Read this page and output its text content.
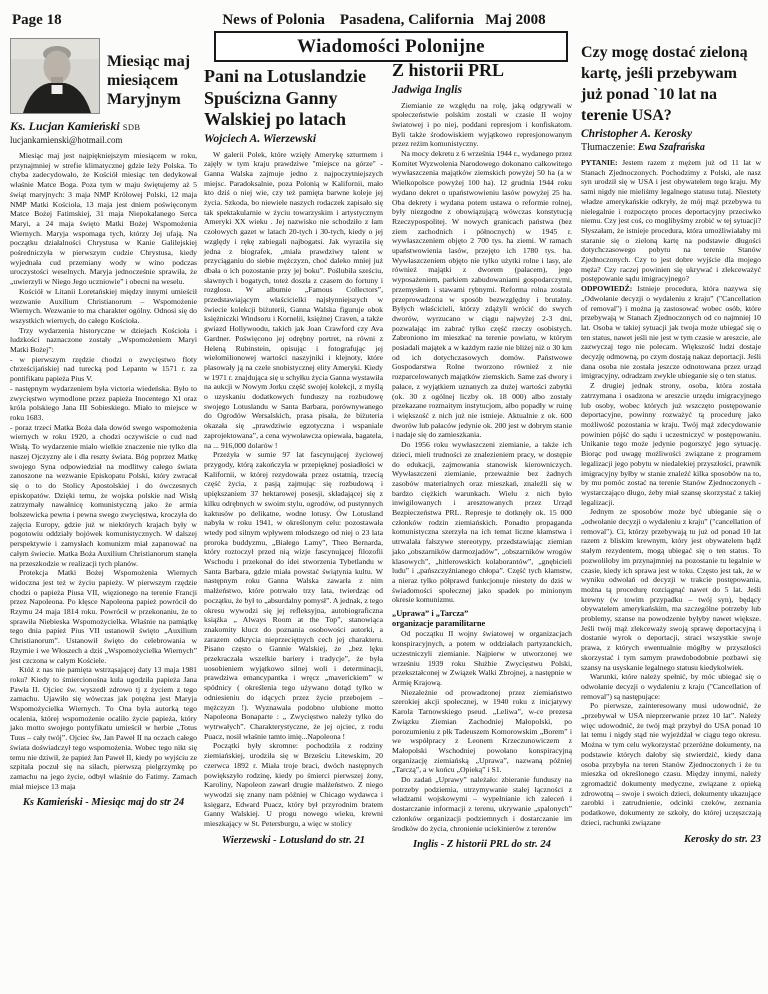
Page 18	News of Polonia    Pasadena, California   Maj 2008
Wiadomości Polonijne
Miesiąc maj miesiącem Maryjnym
Ks. Lucjan Kamieński SDB
lucjankamienski@hotmail.com

Miesiąc maj jest najpiękniejszym miesiącem w roku, przynajmniej w strefie klimatycznej gdzie leży Polska. To chyba zadecydowało, że Kościół miesiąc ten dedykował właśnie Matce Boga. Poza tym w maju świętujemy aż 5 świąt maryjnych: 3 maja NMP Królowej Polski, 12 maja NMP Matki Kościoła, 13 maja jest dniem poświęconym Matce Bożej Fatimskiej, 31 maja Niepokalanego Serca Maryi, a 24 maja święto Matki Bożej Wspomożenia Wiernych. Maryja wspomaga tych, którzy Jej ufają. Na początku działalności Chrystusa w Kanie Galilejskiej pośredniczyła w pierwszym cudzie Chrystusa, kiedy wyjednała cud przemiany wody w wino podczas uroczystości weselnych. Maryja jednocześnie sprawiła, że „uwierzyli w Niego Jego uczniowie” i obecni na weselu.

Kościół w Litanii Loretańskiej między innymi umieścił wezwanie Auxilium Christianorum – Wspomożenie Wiernych. Wezwanie to ma charakter ogólny. Odnosi się do wszystkich wiernych, do całego Kościoła.

Trzy wydarzenia historyczne w dziejach Kościoła i ludzkości naznaczone zostały „Wspomożeniem Maryi Matki Bożej”:

- w pierwszym rzędzie chodzi o zwycięstwo floty chrześcijańskiej nad turecką pod Lepanto w 1571 r. za pontifikatu papieża Pius V.

- następnym wydarzeniem była victoria wiedeńska. Było to zwycięstwo wymodlone przez papieża Inocentego XI oraz króla polskiego Jana III Sobieskiego. Miało to miejsce w roku 1683.

- poraz trzeci Matka Boża dała dowód swego wspomożenia wiernych w roku 1920, a chodzi oczywiście o cud nad Wisłą. To wydarzenie miało wielkie znaczenie nie tylko dla naszej Ojczyzny ale i dla reszty świata. Bóg poprzez Matkę swojego Syna odpowiedział na modlitwy całego świata zanoszone na wezwanie Episkopatu Polski, który zwracał się o to do Stolicy Apostolskiej i do ówczesnych episkopatów. Dzięki temu, że wojska polskie nad Wisłą zatrzymały nawałnicę komunistyczną jako że armia bolszewicka pewna i pewna swego zwycięstwa, kroczyła do zajęcia Europy, gdzie już w niektórych krajach były w pogotowiu oddziały bojówek komunistycznych. W dalszej perspektywie i zamysłach komunizm miał zapanować na całym świecie. Matka Boża Auxilium Christianorum stanęła na przeszkodzie w realizacji tych planów.

Protekcja Matki Bożej Wspomożenia Wiernych widoczna jest też w życiu papieży. W pierwszym rzędzie chodzi o papieża Piusa VII, więzionego na terenie Francji przez Napoleona. Po klęsce Napoleona papież powrócił do Rzymu 24 maja 1814 roku. Powrócił w przekonaniu, że to sprawiła Niebieska Wspomożycielka. Właśnie na pamiątkę tego dnia papież Pius VII ustanowił święto „Auxilium Christianorum”. Ustanowił święto do celebrowania w Rzymie i we Włoszech a dziś „Wspomożycielka Wiernych” jest czczona w całym Kościele.

Któż z nas nie pamięta wstrząsającej daty 13 maja 1981 roku? Kiedy to śmiercionośna kula ugodziła papieża Jana Pawła II. Ojciec św. wyszedł zdrowo tj z życiem z tego zamachu. Ujawiło się wówczas jak potężna jest Maryja Wspomożycielka Wiernych. To Ona była autorką tego ocalenia, której wspomożenie ocaliło życie papieża, który jako motto swojego pontyfikatu umieścił w herbie „Totus Tuus – cały twój”. Ojciec św, Jan Paweł II na oczach całego świata doświadczył tego wspomożenia. Wobec tego nikt się temu nie dziwił, że papież Jan Paweł II, kiedy po wyjściu ze szpitala poczuł się na siłach, pierwszą pielgrzymkę po zamachu na jego życie, odbył właśnie do Fatimy. Zamach miał miejsce 13 maja

Ks Kamieński - Miesiąc maj do str 24
Pani na Lotuslandzie Spuścizna Ganny Walskiej po latach
Wojciech A. Wierzewski

W galerii Polek, które wzięły Amerykę szturmem i zajęły w tym kraju prawdziwe "miejsce na górze" - Ganna Walska zajmuje jedno z najpoczytniejszych miejsc. Paradoksalnie, poza Polonią w Kalifornii, mało kto dziś o niej wie, czy też pamięta barwne koleje jej życia. Szkoda, bo niewiele naszych rodaczek zapisało się tak spektakularnie w życiu towarzyskim i artystycznym Ameryki XX wieku . Jej nazwisko nie schodziło z łam czołowych gazet w latach 20-tych i 30-tych, kiedy o jej względy i rękę zabiegali najbogatsi. Jak wyraziła się jedna z biografek, „miała prawdziwy talent w przyciąganiu do siebie mężczyzn, choć daleko mniej już dbała o ich pozostanie przy jej boku”. Poślubiła sześciu, sławnych i bogatych, toteż doszła z czasem do fortuny i rozgłosu. W albumie „Famous Collectors”, przedstawiającym właścicielki najsłynniejszych w świecie kolekcji biżuterii, Ganna Walska figuruje obok księżniczki Windsoru i Kornelii, księżnej Craven, a także gwiazd Hollywoodu, takich jak Joan Crawford czy Ava Gardner. Poświęcono jej odrębny portret, na równi z Heleną Rubinstein, opisując i fotografując jej wielomilionowej wartości naszyjniki i klejnoty, które plasowały ją na czele snobistycznej elity Ameryki. Kiedy w 1971 r. znajdująca się u schyłku życia Ganna wystawiła na aukcji w Nowym Jorku część swojej kolekcji, z myślą o uzyskaniu dodatkowych funduszy na rozbudowę swojego Lotuslandu w Santa Barbara, porównywanego do Ogrodów Wersalskich, prasa pisała, że biżuteria okazała się „prawdziwie egzotyczna i wspaniale zaprojektowana”, a cena wywoławcza opiewała, bagatela, na ... 916,000 dolarów !

Przeżyła w sumie 97 lat fascynującej życiowej przygody, którą zakończyła w przepięknej posiadłości w Kalifornii, w której rezydowała przez ostatnią, trzecią część życia, z pasją zajmując się rozbudową i upiększaniem 37 hektarowej posesji, składającej się z kilku odrębnych w swoim stylu, ogrodów, od pustynnych kaktusów po delikatne, wodne lotusy. Ów Lotusland nabyła w roku 1941, w określonym celu: pozostawała wtedy pod silnym wpływem młodszego od niej o 23 lata proroka buddyzmu, „Białego Lamy”, Theo Bernarda, który roztoczył przed nią wizje fascynującej filozofii Wschodu i przekonał do idei stworzenia Tybetlandu w Santa Barbara, gdzie miała powstać świątynia kultu. W następnym roku Ganna Walska zawarła z nim małżeństwo, które potrwało trzy lata, twierdząc od początku, że był to „absurdalny pomysł”. A jednak, z tego okresu wywodzi się jej refleksyjna, autobiograficzna książka „ Always Room at the Top”, stanowiąca znakomity klucz do poznania osobowości autorki, a zarazem odkrycia nieprzeciętnych cech jej charakteru. Pisano często o Gannie Walskiej, że „bez lęku przekraczała wszelkie bariery i tradycje”, że była uosobieniem wyjątkowo silnej woli i determinacji, prawdziwa emancypantka i wręcz „maverickiem” w spódnicy ( określenia tego używano dotąd tylko w odniesieniu do idących przez życie przebojem – mężczyzn !). Wyznawała podobno ulubione motto Napoleona Bonaparte : „ Zwycięstwo należy tylko do wytrwałych”. Charakterystyczne, że jej ojciec, z rodu Puacz, nosił właśnie tamto imię...Napoleona !

Początki były skromne: pochodziła z rodziny ziemiańskiej, urodziła się w Brześciu Litewskim, 20 czerwca 1892 r. Miała troje braci, dwóch następnych powiększyło rodzinę, kiedy po śmierci pierwszej żony, Karoliny, Napoleon zawarł drugie małżeństwo. Z niego wywodzi się znany nam później w Chicago wydawca i księgarz, Edward Puacz, który był przyrodnim bratem Ganny Walskiej. U progu nowego wieku, krewni mieszkający w St. Petersburgu, a więc w stolicy

Wierzewski - Lotusland do str. 21
Z historii PRL
Jadwiga Inglis

Ziemianie ze względu na rolę, jaką odgrywali w społeczeństwie polskim zostali w czasie II wojny światowej i po niej, poddani represjom i konfiskatom. Byli także środowiskiem wyjątkowo represjonowanym przez reżim komunistyczny.

Na mocy dekretu z 6 września 1944 r., wydanego przez Komitet Wyzwolenia Narodowego dokonano całkowitego wywłaszczenia majątków ziemskich powyżej 50 ha (a w Wielkopolsce powyżej 100 ha). 12 grudnia 1944 roku wydano dekret o upaństwowieniu lasów powyżej 25 ha. Oba dekrety i wydana potem ustawa o reformie rolnej, były niezgodne z obowiązującą wówczas konstytucją Rzeczypospolitej. W nowych granicach państwa (bez ziem zachodnich i północnych) w 1945 r. wywłaszczeniem objęto 2 700 tys. ha ziemi. W ramach upaństwowienia lasów, przejęto ich 1780 tys. ha. Wywłaszczeniem objęto nie tylko użytki rolne i lasy, ale również majątki z dworem (pałacem), jego wyposażeniem, parkiem zabudowaniami gospodarczymi, przemysłem i stawami rybnymi. Reforma rolna została przeprowadzona w sposób bezwzględny i brutalny. Byłych właścicieli, którzy zdążyli wrócić do swych dworów, wyrzucano w ciągu najwyżej 2-3 dni, pozwalając im zabrać tylko część rzeczy osobistych. Zabroniono im mieszkać na terenie powiatu, w którym posiadali majątek a w każdym razie nie bliżej niż o 30 km od ich dotychczasowych domów. Państwowe Gospodarstwa Rolne tworzono również z nie rozparcelowanych majątków ziemskich. Same zaś dwory i pałace, z wyjątkiem uznanych za dużej wartości zabytki (ok. 30 z ogólnej liczby ok. 18 000) albo zostały przekazane rozmaitym instytucjom, albo popadły w ruinę i większość z nich już nie istnieje. Aktualnie z ok. 600 dworów lub pałaców jedynie ok. 200 jest w dobrym stanie i nadaje się do zamieszkania.

Do 1956 roku wywłaszczeni ziemianie, a także ich dzieci, mieli trudności ze znalezieniem pracy, w dostępie do edukacji, zajmowania stanowisk kierowniczych. Wywłaszczeni ziemianie, przeważnie bez żadnych zasobów materialnych oraz mieszkań, znaleźli się w bardzo ciężkich warunkach. Wielu z nich było inwigilowanych i aresztowanych przez Urząd Bezpieczeństwa PRL. Represje te dotknęły ok. 15 000 członków rodzin ziemiańskich. Ponadto propaganda komunistyczna szerzyła na ich temat liczne kłamstwa i utrwalała fałszywe stereotypy, przedstawiając ziemian jako „obszarników darmozjadów”, „obszarników wrogów klasowych”, „hitlerowskich kolaborantów”, „gnębicieli ludu” i „pańszczyźnianego chłopa”. Część tych kłamstw, a nieraz tylko półprawd funkcjonuje niestety do dziś w świadomości społecznej jako spadek po minionym okresie komunizmu.

„Uprawa” i „Tarcza”
organizacje paramilitarne

Od początku II wojny światowej w organizacjach konspiracyjnych, a potem w oddziałach partyzanckich, uczestniczyli ziemianie. Najpierw w utworzonej we wrześniu 1939 roku Służbie Zwycięstwu Polski, przekształconej w Związek Walki Zbrojnej, a następnie w Armię Krajową.

Niezależnie od prowadzonej przez ziemiaństwo szerokiej akcji społecznej, w 1940 roku z inicjatywy Karola Tarnowskiego pseud. „Leliwa”, w-ce prezesa Związku Ziemian Zachodniej Małopolski, po porozumieniu z płk Tadeuszem Komorowskim „Borem” i we współpracy z Leonem Krzeczunowiczem z Małopolski Wschodniej powołano konspiracyjną organizację ziemiańską „Uprawa”, nazwaną później „Tarczą”, a w końcu „Opieką” i S1.

Do zadań „Uprawy” należało: zbieranie funduszy na potrzeby podziemia, utrzymywanie stałej łączności z władzami wojskowymi – wypełnianie ich zaleceń i dostarczanie informacji z terenu, ukrywanie „spalonych” członków organizacji podziemnych i dostarczanie im środków do życia, chronienie uciekinierów z terenów

Inglis - Z historii PRL do str. 24
Czy mogę dostać zieloną kartę, jeśli przebywam już ponad `10 lat na terenie USA?
Christopher A. Kerosky
Tłumaczenie: Ewa Szafrańska

PYTANIE: Jestem razem z mężem już od 11 lat w Stanach Zjednoczonych. Pochodzimy z Polski, ale nasz syn urodził się w USA i jest obywatelem tego kraju. My sami nigdy nie mieliśmy legalnego statusu tutaj. Niestety władze amerykańskie odkryły, że mój mąż przebywa tu nielegalnie i rozpoczęto proces deportacyjny przeciwko niemu. Czy jest coś, co moglibyśmy zrobić w tej sytuacji? Słyszałam, że istnieje procedura, która umożliwiałaby mi staranie się o zieloną kartę na podstawie długości dotychczasowego pobytu na terenie Stanów Zjednoczonych. Czy to jest dobre wyjście dla mojego męża? Czy raczej powinien się ukrywać i zlekceważyć postępowanie sądu imigracyjnego?

ODPOWIEDŹ: Istnieje procedura, która nazywa się „Odwołanie decyzji o wydaleniu z kraju” ("Cancellation of removal") i można ją zastosować wobec osób, które przebywają w Stanach Zjednoczonych od co najmniej 10 lat. Osoba w takiej sytuacji jak twoja może ubiegać się o ten status, nawet jeśli nie jest w tym czasie w areszcie, ale zazwyczaj tego nie polecam. Większość ludzi dostaje decyzję odmowną, po czym dostają nakaz deportacji. Jeśli dana osoba nie została jeszcze odnotowana przez urząd imigracyjny, odradzam zwykle ubieganie się o ten status.

Z drugiej jednak strony, osoba, która została zatrzymana i osadzona w areszcie urzędu imigracyjnego lub osoby, wobec których już wszczęto postępowanie deportacyjne, powinny rozważyć tą procedurę jako możliwość pozostania w kraju. Twój mąż zdecydowanie powinien pójść do sądu i uczestniczyć w postępowaniu. Unikanie tego może jedynie pogorszyć jego sytuację. Biorąc pod uwagę możliwości związane z programem legalizacji jego pobytu w niedalekiej przyszłości, prawnik imigracyjny byłby w stanie znaleźć kilka sposobów na to, by mu pomóc zostać na terenie Stanów Zjednoczonych - wystarczająco długo, żeby miał szansę skorzystać z takiej legalizacji.

Jednym ze sposobów może być ubieganie się o „odwołanie decyzji o wydaleniu z kraju” ("cancellation of removal"). Ci, którzy przebywają tu już od ponad 10 lat razem z bliskim krewnym, który jest obywatelem bądź stałym rezydentem, mogą ubiegać się o ten status. To pozwoliłoby im przynajmniej na pozostanie tu legalnie w czasie, kiedy ich sprawa jest w toku. Często jest tak, że w wyniku odwołań od decyzji w trakcie postępowania, można tą procedurę rozciągnąć nawet do 5 lat. Jeśli krewny (w towim przypadku – twój syn), będący obywatelem amerykańskim, ma szczególne potrzeby lub problemy, szanse na powodzenie byłyby nawet większe. Jeśli twój mąż zlekceważy swoją sprawę deportacyjną i dostanie wyrok o deportacji, straci wszystkie swoje prawa, z których ewentualnie mógłby w przyszłości skorzystać i tym samym prawdobodobnie pozbawi się szansy na usyskanie legalnego statusu kiedykolwiek.

Warunki, które należy spełnić, by móc ubiegać się o odwołanie decyzji o wydaleniu z kraju ("Cancellation of removal") są następujące:

Po pierwsze, zainteresowany musi udowodnić, że „przebywał w USA nieprzerwanie przez 10 lat”. Należy więc udowodnić, że twój mąż przybył do USA ponad 10 lat temu i nigdy stąd nie wyjeżdżał w ciągu tego okresu. Można w tym celu wykorzystać przeróżne dokumenty, na podstawie których dałoby się stwierdzić, kiedy dana osoba przybyła na teren Stanów Zjednoczonych i że tu mieszka od określonego czasu. Między innymi, należy zgromadzić dokumenty medyczne, związane z opieką zdrowotną – swoje i swoich dzieci, dokumenty ukazujące zarobki i zatrudnienie, odcinki czeków, zeznania podatkowe, dokumenty ze szkoły, do której uczęszczają dzieci, rachunki związane

Kerosky do str. 23
